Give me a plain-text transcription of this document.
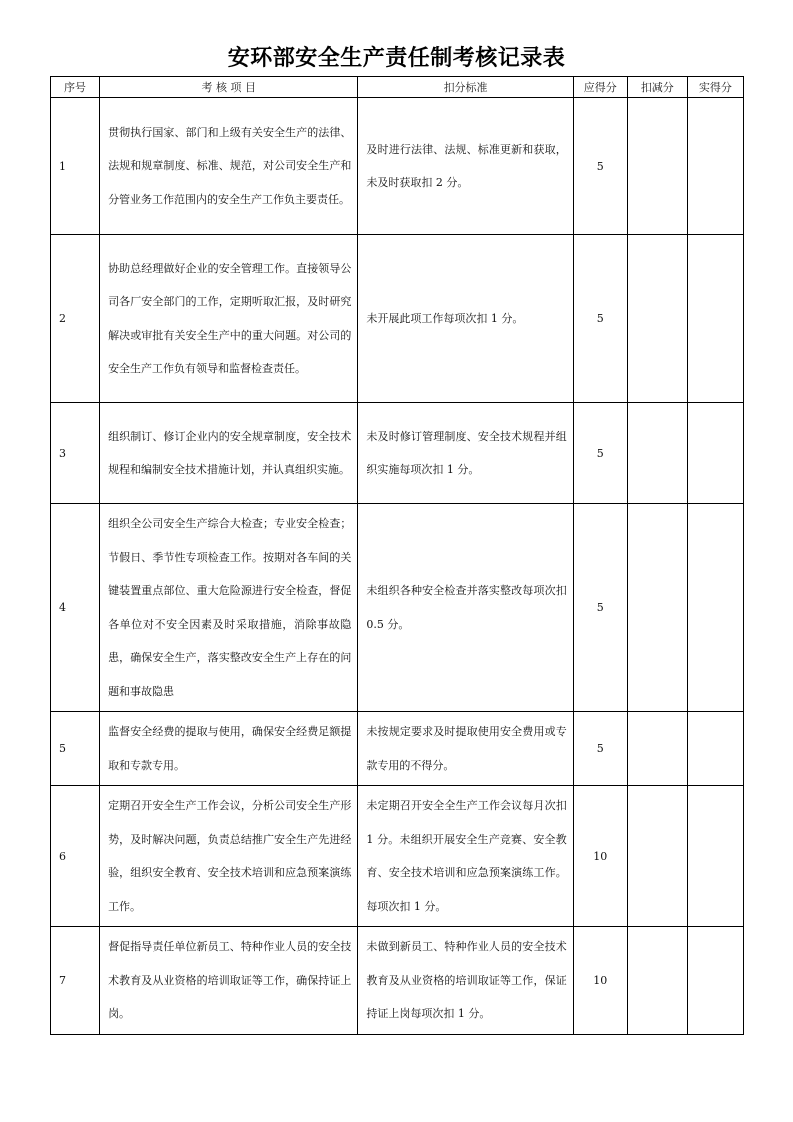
安环部安全生产责任制考核记录表
序号	考 核 项 目	扣分标准	应得分	扣减分	实得分
1	贯彻执行国家、部门和上级有关安全生产的法律、法规和规章制度、标准、规范，对公司安全生产和分管业务工作范围内的安全生产工作负主要责任。	及时进行法律、法规、标准更新和获取，未及时获取扣 2 分。	5		
2	协助总经理做好企业的安全管理工作。直接领导公司各厂安全部门的工作，定期听取汇报，及时研究解决或审批有关安全生产中的重大问题。对公司的安全生产工作负有领导和监督检查责任。	未开展此项工作每项次扣 1 分。	5		
3	组织制订、修订企业内的安全规章制度，安全技术规程和编制安全技术措施计划，并认真组织实施。	未及时修订管理制度、安全技术规程并组织实施每项次扣 1 分。	5		
4	组织全公司安全生产综合大检查；专业安全检查；节假日、季节性专项检查工作。按期对各车间的关键装置重点部位、重大危险源进行安全检查，督促各单位对不安全因素及时采取措施，消除事故隐患，确保安全生产，落实整改安全生产上存在的问题和事故隐患	未组织各种安全检查并落实整改每项次扣 0.5 分。	5		
5	监督安全经费的提取与使用，确保安全经费足额提取和专款专用。	未按规定要求及时提取使用安全费用或专款专用的不得分。	5		
6	定期召开安全生产工作会议，分析公司安全生产形势，及时解决问题，负责总结推广安全生产先进经验，组织安全教育、安全技术培训和应急预案演练工作。	未定期召开安全全生产工作会议每月次扣 1 分。未组织开展安全生产竞赛、安全教育、安全技术培训和应急预案演练工作。每项次扣 1 分。	10		
7	督促指导责任单位新员工、特种作业人员的安全技术教育及从业资格的培训取证等工作，确保持证上岗。	未做到新员工、特种作业人员的安全技术教育及从业资格的培训取证等工作，保证持证上岗每项次扣 1 分。	10		
